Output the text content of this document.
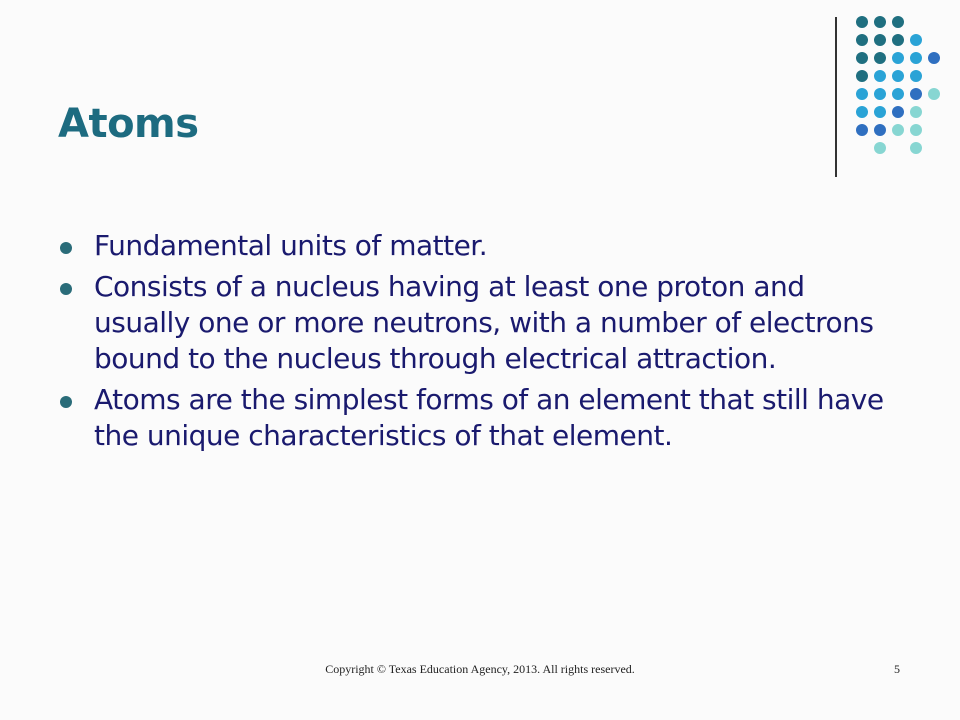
Atoms
Fundamental units of matter.
Consists of a nucleus having at least one proton and usually one or more neutrons, with a number of electrons bound to the nucleus through electrical attraction.
Atoms are the simplest forms of an element that still have the unique characteristics of that element.
Copyright © Texas Education Agency, 2013. All rights reserved.	5
